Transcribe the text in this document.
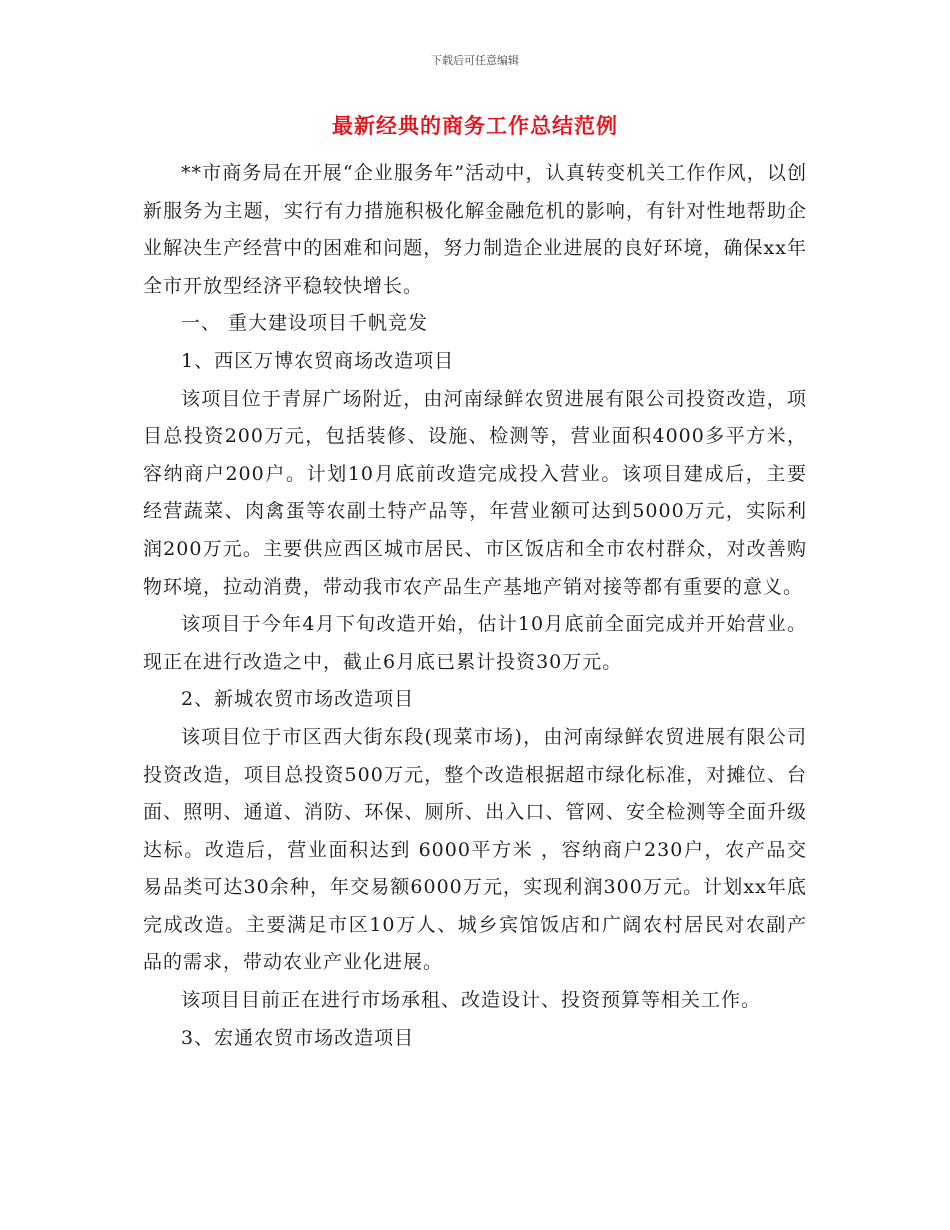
下载后可任意编辑
最新经典的商务工作总结范例

**市商务局在开展“企业服务年”活动中，认真转变机关工作作风，以创新服务为主题，实行有力措施积极化解金融危机的影响，有针对性地帮助企业解决生产经营中的困难和问题，努力制造企业进展的良好环境，确保xx年全市开放型经济平稳较快增长。

一、 重大建设项目千帆竞发

1、西区万博农贸商场改造项目

该项目位于青屏广场附近，由河南绿鲜农贸进展有限公司投资改造，项目总投资200万元，包括装修、设施、检测等，营业面积4000多平方米，容纳商户200户。计划10月底前改造完成投入营业。该项目建成后，主要经营蔬菜、肉禽蛋等农副土特产品等，年营业额可达到5000万元，实际利润200万元。主要供应西区城市居民、市区饭店和全市农村群众，对改善购物环境，拉动消费，带动我市农产品生产基地产销对接等都有重要的意义。

该项目于今年4月下旬改造开始，估计10月底前全面完成并开始营业。现正在进行改造之中，截止6月底已累计投资30万元。

2、新城农贸市场改造项目

该项目位于市区西大街东段(现菜市场)，由河南绿鲜农贸进展有限公司投资改造，项目总投资500万元，整个改造根据超市绿化标准，对摊位、台面、照明、通道、消防、环保、厕所、出入口、管网、安全检测等全面升级达标。改造后，营业面积达到 6000平方米 ，容纳商户230户，农产品交易品类可达30余种，年交易额6000万元，实现利润300万元。计划xx年底完成改造。主要满足市区10万人、城乡宾馆饭店和广阔农村居民对农副产品的需求，带动农业产业化进展。

该项目目前正在进行市场承租、改造设计、投资预算等相关工作。

3、宏通农贸市场改造项目
